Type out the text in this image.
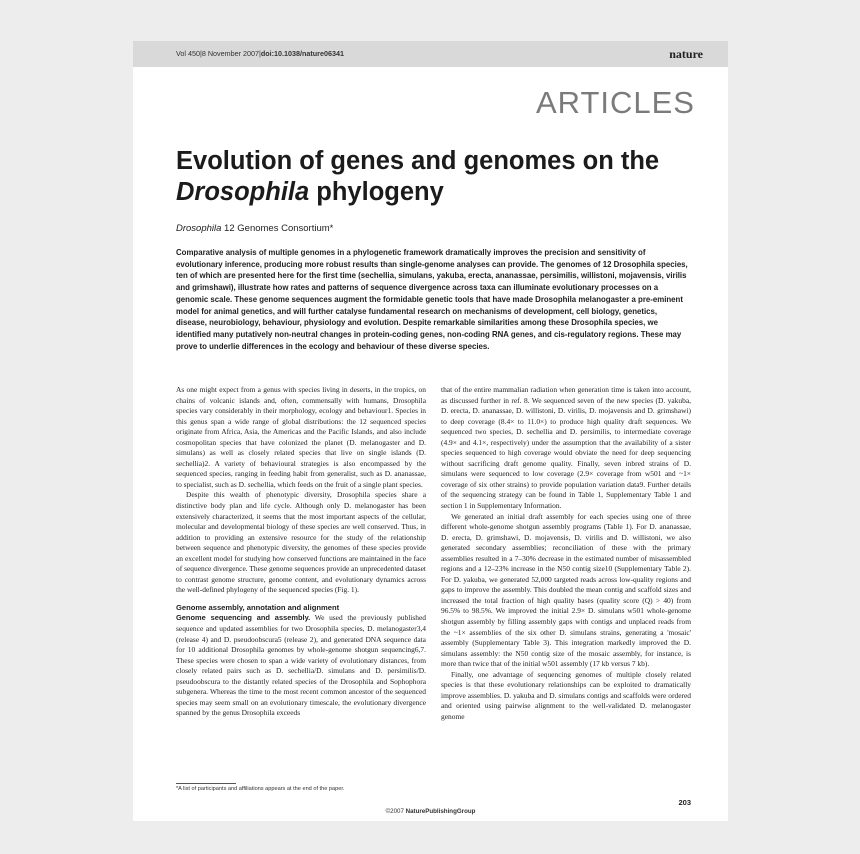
Vol 450|8 November 2007|doi:10.1038/nature06341	nature
ARTICLES
Evolution of genes and genomes on the
Drosophila phylogeny
Drosophila 12 Genomes Consortium*

Comparative analysis of multiple genomes in a phylogenetic framework dramatically improves the precision and sensitivity of evolutionary inference, producing more robust results than single-genome analyses can provide. The genomes of 12 Drosophila species, ten of which are presented here for the first time (sechellia, simulans, yakuba, erecta, ananassae, persimilis, willistoni, mojavensis, virilis and grimshawi), illustrate how rates and patterns of sequence divergence across taxa can illuminate evolutionary processes on a genomic scale. These genome sequences augment the formidable genetic tools that have made Drosophila melanogaster a pre-eminent model for animal genetics, and will further catalyse fundamental research on mechanisms of development, cell biology, genetics, disease, neurobiology, behaviour, physiology and evolution. Despite remarkable similarities among these Drosophila species, we identified many putatively non-neutral changes in protein-coding genes, non-coding RNA genes, and cis-regulatory regions. These may prove to underlie differences in the ecology and behaviour of these diverse species.

As one might expect from a genus with species living in deserts, in the tropics, on chains of volcanic islands and, often, commensally with humans, Drosophila species vary considerably in their morphology, ecology and behaviour1. Species in this genus span a wide range of global distributions: the 12 sequenced species originate from Africa, Asia, the Americas and the Pacific Islands, and also include cosmopolitan species that have colonized the planet (D. melanogaster and D. simulans) as well as closely related species that live on single islands (D. sechellia)2. A variety of behavioural strategies is also encompassed by the sequenced species, ranging in feeding habit from generalist, such as D. ananassae, to specialist, such as D. sechellia, which feeds on the fruit of a single plant species.

Despite this wealth of phenotypic diversity, Drosophila species share a distinctive body plan and life cycle. Although only D. melanogaster has been extensively characterized, it seems that the most important aspects of the cellular, molecular and developmental biology of these species are well conserved. Thus, in addition to providing an extensive resource for the study of the relationship between sequence and phenotypic diversity, the genomes of these species provide an excellent model for studying how conserved functions are maintained in the face of sequence divergence. These genome sequences provide an unprecedented dataset to contrast genome structure, genome content, and evolutionary dynamics across the well-defined phylogeny of the sequenced species (Fig. 1).

Genome assembly, annotation and alignment

Genome sequencing and assembly. We used the previously published sequence and updated assemblies for two Drosophila species, D. melanogaster3,4 (release 4) and D. pseudoobscura5 (release 2), and generated DNA sequence data for 10 additional Drosophila genomes by whole-genome shotgun sequencing6,7. These species were chosen to span a wide variety of evolutionary distances, from closely related pairs such as D. sechellia/D. simulans and D. persimilis/D. pseudoobscura to the distantly related species of the Drosophila and Sophophora subgenera. Whereas the time to the most recent common ancestor of the sequenced species may seem small on an evolutionary timescale, the evolutionary divergence spanned by the genus Drosophila exceeds

that of the entire mammalian radiation when generation time is taken into account, as discussed further in ref. 8. We sequenced seven of the new species (D. yakuba, D. erecta, D. ananassae, D. willistoni, D. virilis, D. mojavensis and D. grimshawi) to deep coverage (8.4× to 11.0×) to produce high quality draft sequences. We sequenced two species, D. sechellia and D. persimilis, to intermediate coverage (4.9× and 4.1×, respectively) under the assumption that the availability of a sister species sequenced to high coverage would obviate the need for deep sequencing without sacrificing draft genome quality. Finally, seven inbred strains of D. simulans were sequenced to low coverage (2.9× coverage from w501 and ~1× coverage of six other strains) to provide population variation data9. Further details of the sequencing strategy can be found in Table 1, Supplementary Table 1 and section 1 in Supplementary Information.

We generated an initial draft assembly for each species using one of three different whole-genome shotgun assembly programs (Table 1). For D. ananassae, D. erecta, D. grimshawi, D. mojavensis, D. virilis and D. willistoni, we also generated secondary assemblies; reconciliation of these with the primary assemblies resulted in a 7–30% decrease in the estimated number of misassembled regions and a 12–23% increase in the N50 contig size10 (Supplementary Table 2). For D. yakuba, we generated 52,000 targeted reads across low-quality regions and gaps to improve the assembly. This doubled the mean contig and scaffold sizes and increased the total fraction of high quality bases (quality score (Q) > 40) from 96.5% to 98.5%. We improved the initial 2.9× D. simulans w501 whole-genome shotgun assembly by filling assembly gaps with contigs and unplaced reads from the ~1× assemblies of the six other D. simulans strains, generating a 'mosaic' assembly (Supplementary Table 3). This integration markedly improved the D. simulans assembly: the N50 contig size of the mosaic assembly, for instance, is more than twice that of the initial w501 assembly (17 kb versus 7 kb).

Finally, one advantage of sequencing genomes of multiple closely related species is that these evolutionary relationships can be exploited to dramatically improve assemblies. D. yakuba and D. simulans contigs and scaffolds were ordered and oriented using pairwise alignment to the well-validated D. melanogaster genome

*A list of participants and affiliations appears at the end of the paper.
203
©2007 NaturePublishingGroup
